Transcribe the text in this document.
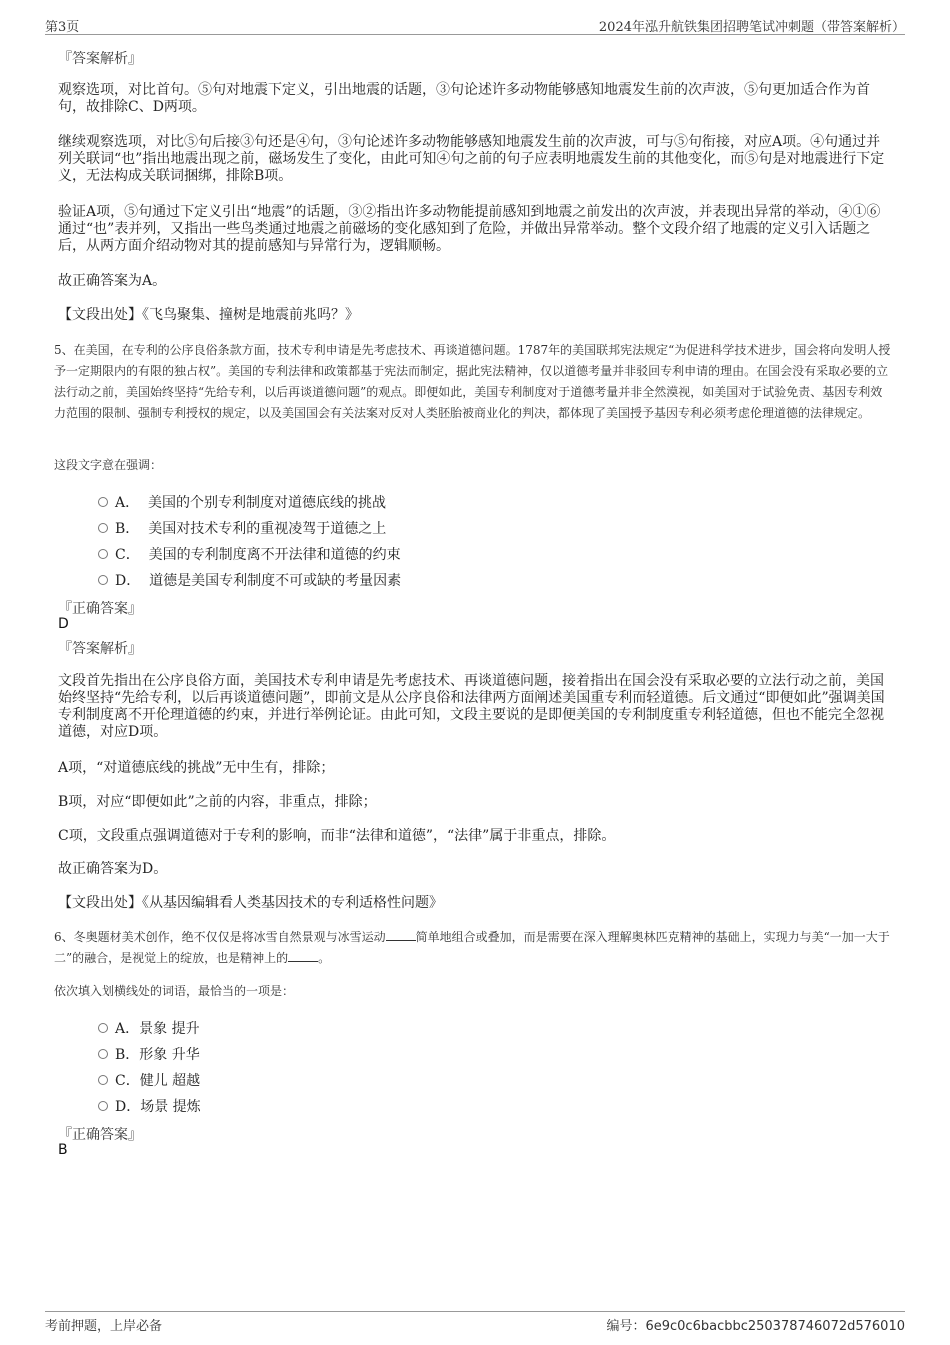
第3页	2024年泓升航铁集团招聘笔试冲刺题（带答案解析）
『答案解析』
观察选项，对比首句。⑤句对地震下定义，引出地震的话题，③句论述许多动物能够感知地震发生前的次声波，⑤句更加适合作为首句，故排除C、D两项。
继续观察选项，对比⑤句后接③句还是④句，③句论述许多动物能够感知地震发生前的次声波，可与⑤句衔接，对应A项。④句通过并列关联词“也”指出地震出现之前，磁场发生了变化，由此可知④句之前的句子应表明地震发生前的其他变化，而⑤句是对地震进行下定义，无法构成关联词捆绑，排除B项。
验证A项，⑤句通过下定义引出“地震”的话题，③②指出许多动物能提前感知到地震之前发出的次声波，并表现出异常的举动，④①⑥通过“也”表并列，又指出一些鸟类通过地震之前磁场的变化感知到了危险，并做出异常举动。整个文段介绍了地震的定义引入话题之后，从两方面介绍动物对其的提前感知与异常行为，逻辑顺畅。
故正确答案为A。
【文段出处】《飞鸟聚集、撞树是地震前兆吗？》
5、在美国，在专利的公序良俗条款方面，技术专利申请是先考虑技术、再谈道德问题。1787年的美国联邦宪法规定“为促进科学技术进步，国会将向发明人授予一定期限内的有限的独占权”。美国的专利法律和政策都基于宪法而制定，据此宪法精神，仅以道德考量并非驳回专利申请的理由。在国会没有采取必要的立法行动之前，美国始终坚持“先给专利，以后再谈道德问题”的观点。即便如此，美国专利制度对于道德考量并非全然漠视，如美国对于试验免责、基因专利效力范围的限制、强制专利授权的规定，以及美国国会有关法案对反对人类胚胎被商业化的判决，都体现了美国授予基因专利必须考虑伦理道德的法律规定。
这段文字意在强调：
A． 美国的个别专利制度对道德底线的挑战
B． 美国对技术专利的重视凌驾于道德之上
C． 美国的专利制度离不开法律和道德的约束
D． 道德是美国专利制度不可或缺的考量因素
『正确答案』
D
『答案解析』
文段首先指出在公序良俗方面，美国技术专利申请是先考虑技术、再谈道德问题，接着指出在国会没有采取必要的立法行动之前，美国始终坚持“先给专利，以后再谈道德问题”，即前文是从公序良俗和法律两方面阐述美国重专利而轻道德。后文通过“即便如此”强调美国专利制度离不开伦理道德的约束，并进行举例论证。由此可知，文段主要说的是即便美国的专利制度重专利轻道德，但也不能完全忽视道德，对应D项。
A项，“对道德底线的挑战”无中生有，排除；
B项，对应“即便如此”之前的内容，非重点，排除；
C项，文段重点强调道德对于专利的影响，而非“法律和道德”，“法律”属于非重点，排除。
故正确答案为D。
【文段出处】《从基因编辑看人类基因技术的专利适格性问题》
6、冬奥题材美术创作，绝不仅仅是将冰雪自然景观与冰雪运动	简单地组合或叠加，而是需要在深入理解奥林匹克精神的基础上，实现力与美“一加一大于二”的融合，是视觉上的绽放，也是精神上的	。
依次填入划横线处的词语，最恰当的一项是：
A．景象 提升
B．形象 升华
C．健儿 超越
D．场景 提炼
『正确答案』
B
考前押题，上岸必备	编号：6e9c0c6bacbbc250378746072d576010
